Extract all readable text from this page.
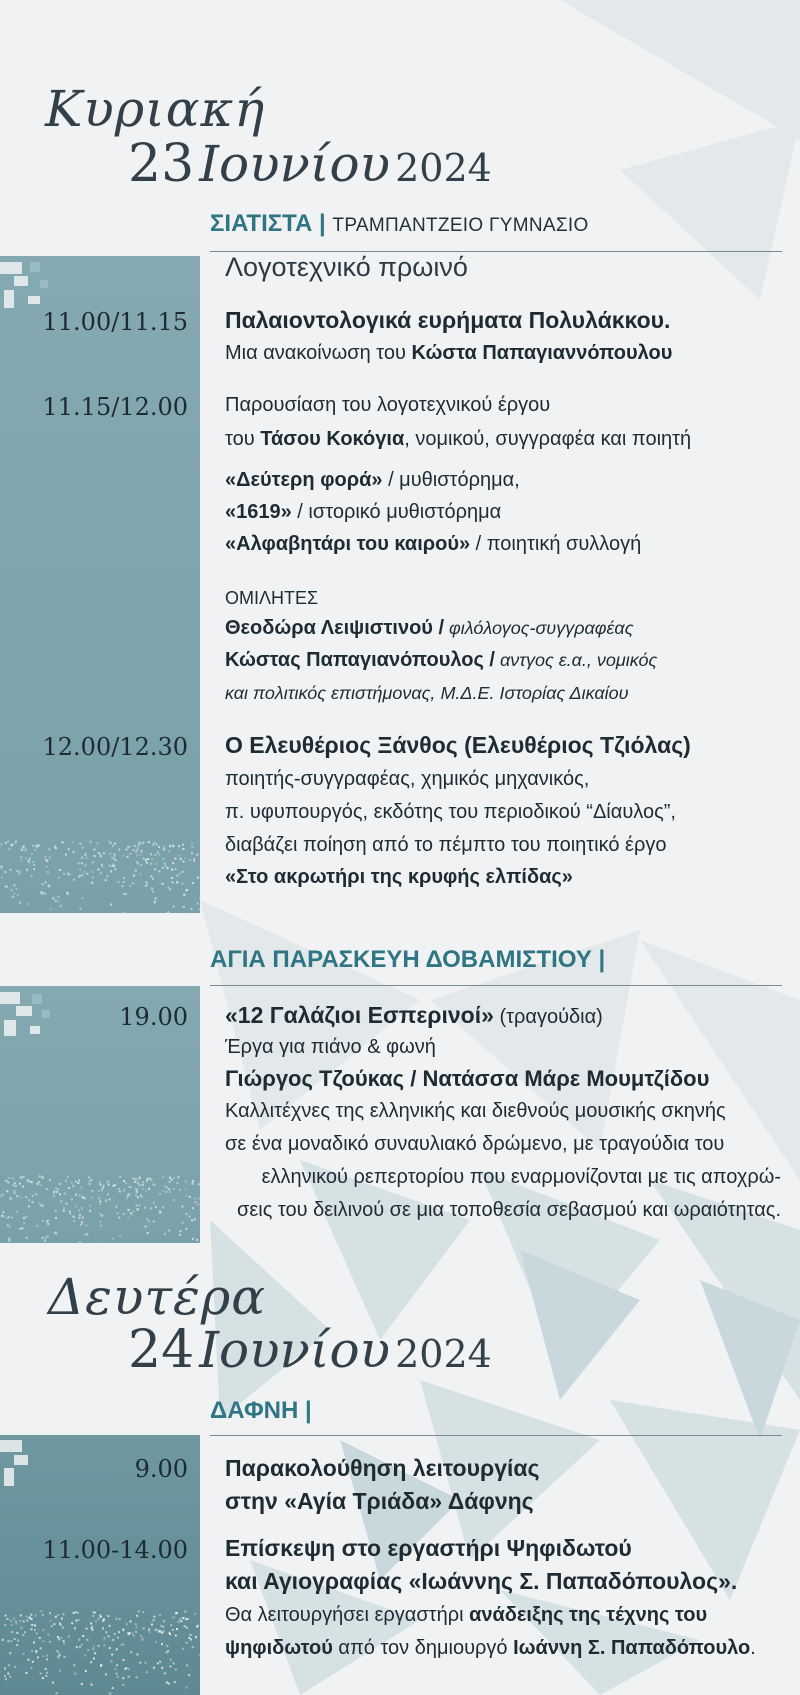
Κυριακή
23 Ιουνίου 2024
ΣΙΑΤΙΣΤΑ | ΤΡΑΜΠΑΝΤΖΕΙΟ ΓΥΜΝΑΣΙΟ
Λογοτεχνικό πρωινό
11.00/11.15 Παλαιοντολογικά ευρήματα Πολυλάκκου.
Μια ανακοίνωση του Κώστα Παπαγιαννόπουλου
11.15/12.00 Παρουσίαση του λογοτεχνικού έργου
του Τάσου Κοκόγια, νομικού, συγγραφέα και ποιητή
«Δεύτερη φορά» / μυθιστόρημα,
«1619» / ιστορικό μυθιστόρημα
«Αλφαβητάρι του καιρού» / ποιητική συλλογή
ΟΜΙΛΗΤΕΣ
Θεοδώρα Λειψιστινού / φιλόλογος-συγγραφέας
Κώστας Παπαγιανόπουλος / αντγος ε.α., νομικός
και πολιτικός επιστήμονας, Μ.Δ.Ε. Ιστορίας Δικαίου
12.00/12.30 Ο Ελευθέριος Ξάνθος (Ελευθέριος Τζιόλας)
ποιητής-συγγραφέας, χημικός μηχανικός,
π. υφυπουργός, εκδότης του περιοδικού “Δίαυλος”,
διαβάζει ποίηση από το πέμπτο του ποιητικό έργο
«Στο ακρωτήρι της κρυφής ελπίδας»
ΑΓΙΑ ΠΑΡΑΣΚΕΥΗ ΔΟΒΑΜΙΣΤΙΟΥ |
19.00 «12 Γαλάζιοι Εσπερινοί» (τραγούδια)
Έργα για πιάνο & φωνή
Γιώργος Τζούκας / Νατάσσα Μάρε Μουμτζίδου
Καλλιτέχνες της ελληνικής και διεθνούς μουσικής σκηνής
σε ένα μοναδικό συναυλιακό δρώμενο, με τραγούδια του
ελληνικού ρεπερτορίου που εναρμονίζονται με τις αποχρώ-
σεις του δειλινού σε μια τοποθεσία σεβασμού και ωραιότητας.
Δευτέρα
24 Ιουνίου 2024
ΔΑΦΝΗ |
9.00 Παρακολούθηση λειτουργίας
στην «Αγία Τριάδα» Δάφνης
11.00-14.00 Επίσκεψη στο εργαστήρι Ψηφιδωτού
και Αγιογραφίας «Ιωάννης Σ. Παπαδόπουλος».
Θα λειτουργήσει εργαστήρι ανάδειξης της τέχνης του
ψηφιδωτού από τον δημιουργό Ιωάννη Σ. Παπαδόπουλο.
